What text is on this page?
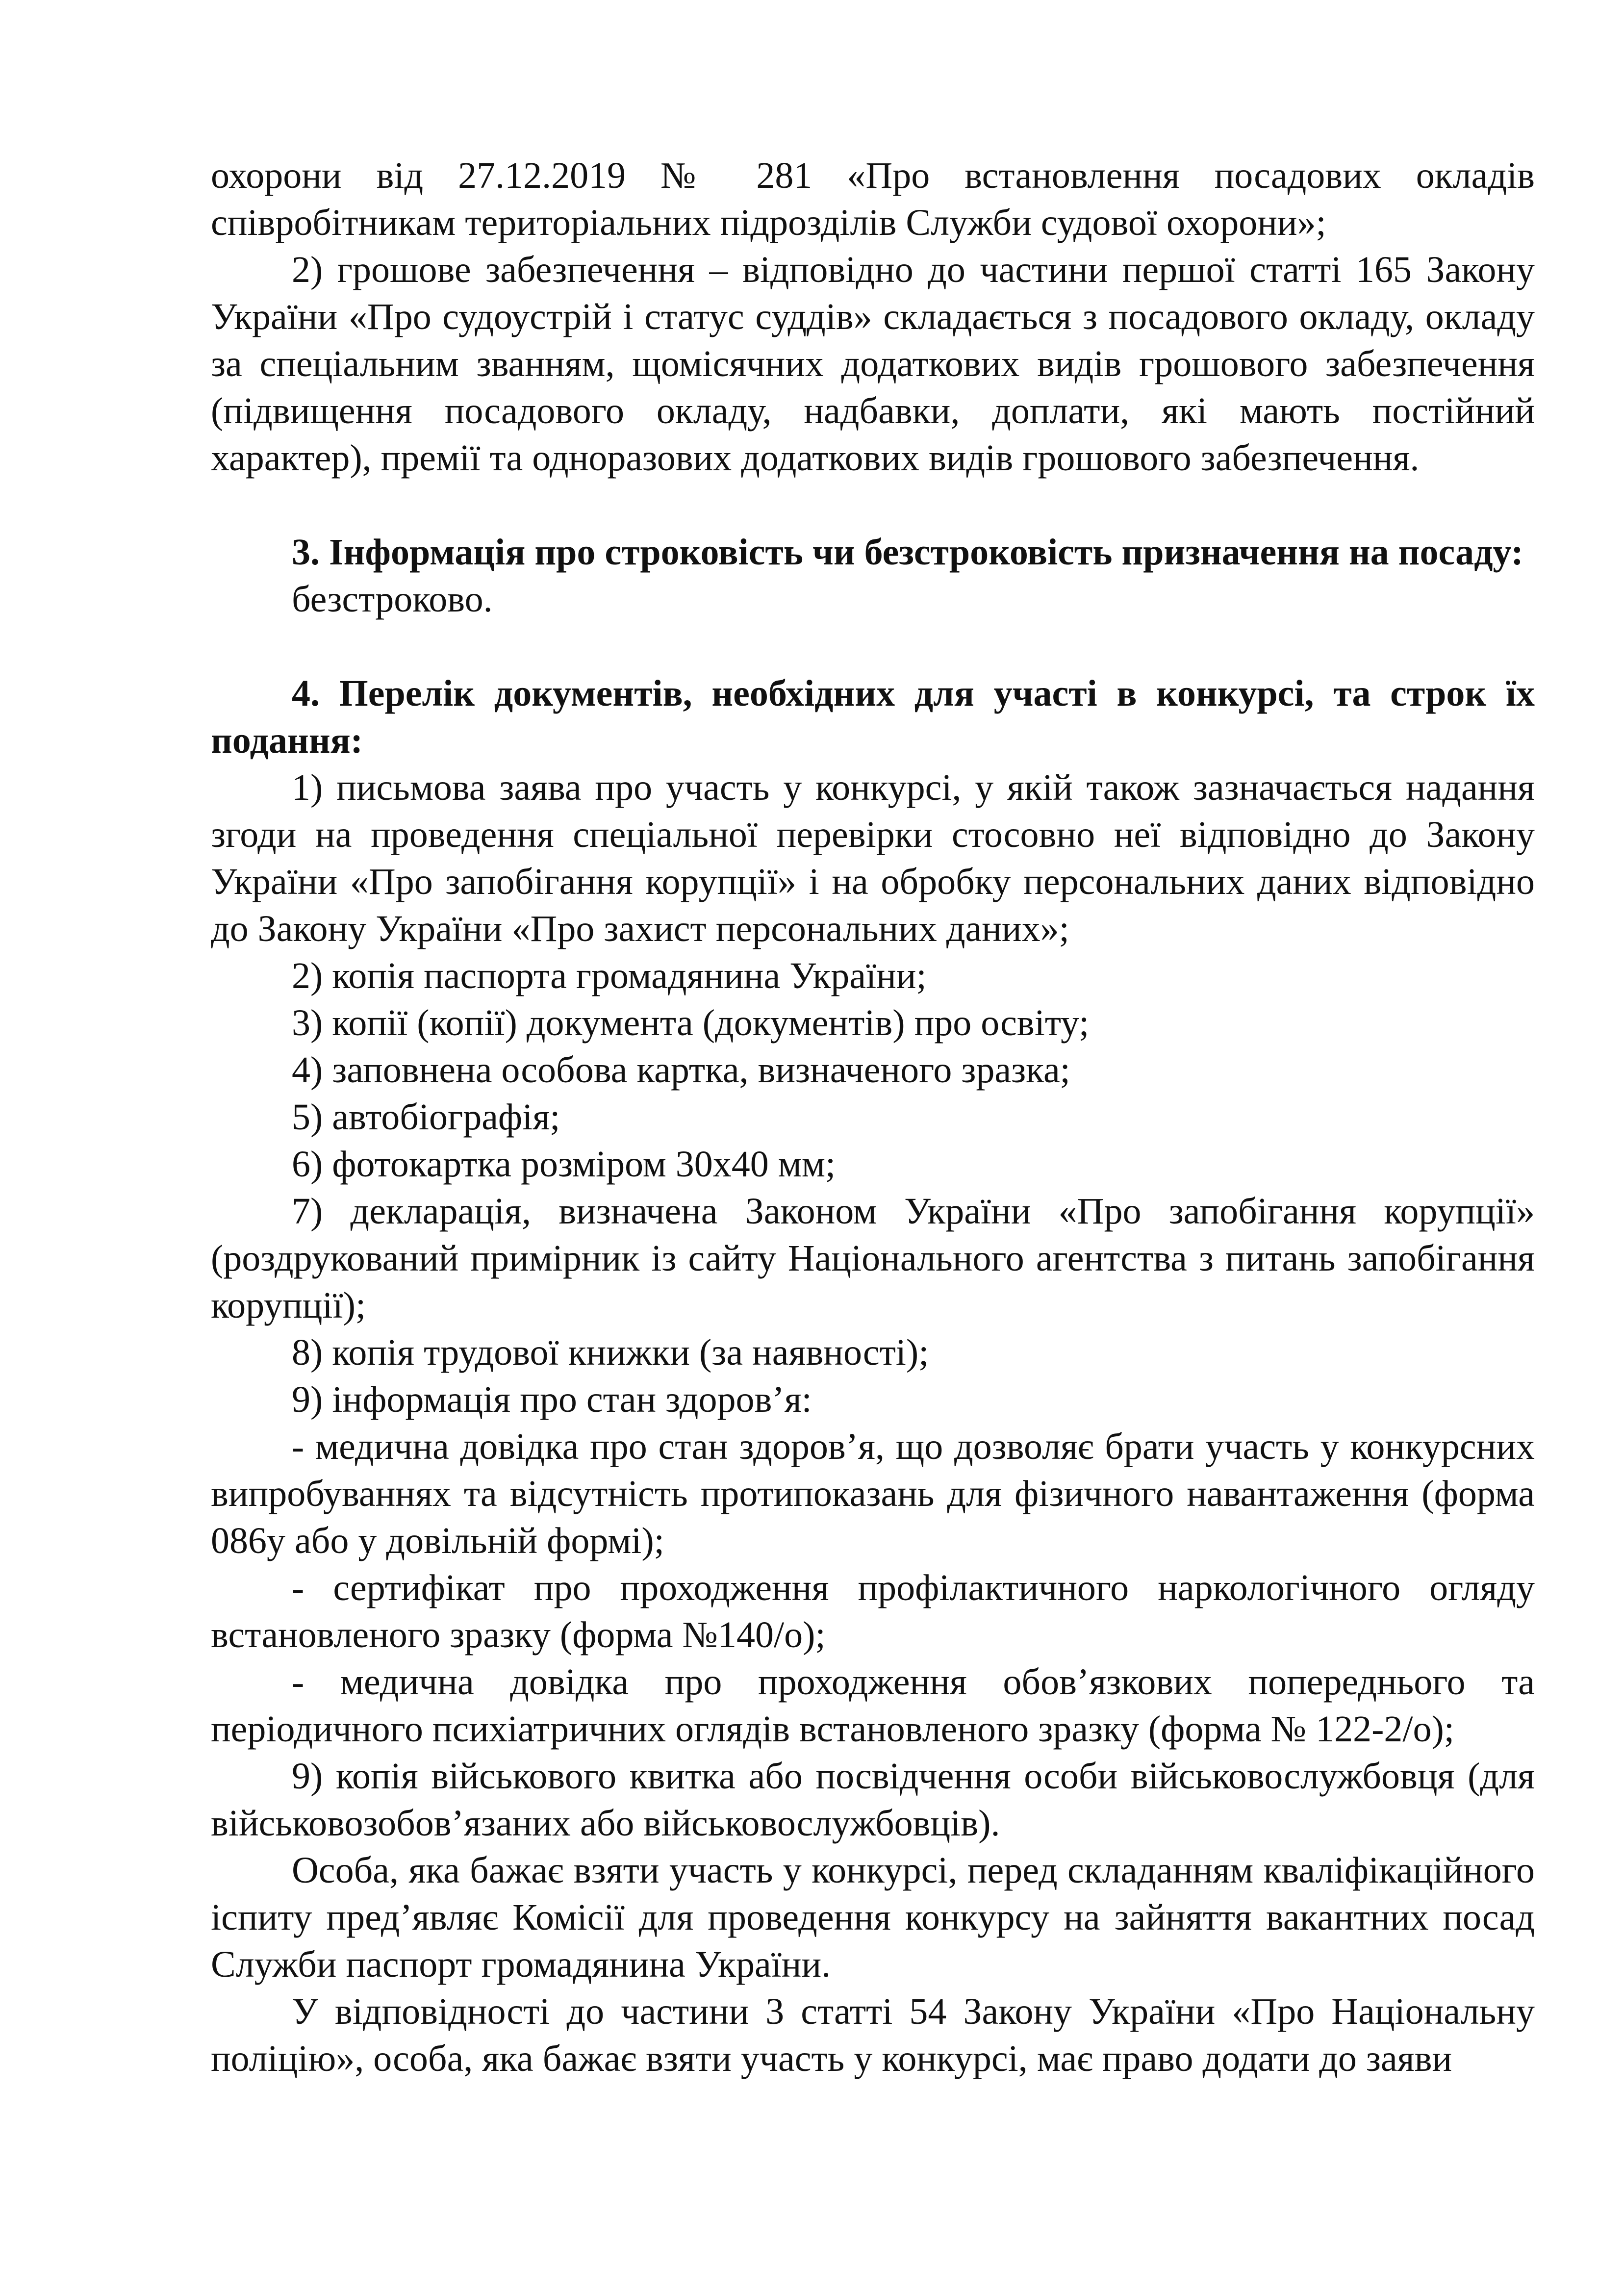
охорони від 27.12.2019 № 281 «Про встановлення посадових окладів співробітникам територіальних підрозділів Служби судової охорони»;

2) грошове забезпечення – відповідно до частини першої статті 165 Закону України «Про судоустрій і статус суддів» складається з посадового окладу, окладу за спеціальним званням, щомісячних додаткових видів грошового забезпечення (підвищення посадового окладу, надбавки, доплати, які мають постійний характер), премії та одноразових додаткових видів грошового забезпечення.

3. Інформація про строковість чи безстроковість призначення на посаду:

безстроково.

4. Перелік документів, необхідних для участі в конкурсі, та строк їх подання:

1) письмова заява про участь у конкурсі, у якій також зазначається надання згоди на проведення спеціальної перевірки стосовно неї відповідно до Закону України «Про запобігання корупції» і на обробку персональних даних відповідно до Закону України «Про захист персональних даних»;

2) копія паспорта громадянина України;

3) копії (копії) документа (документів) про освіту;

4) заповнена особова картка, визначеного зразка;

5) автобіографія;

6) фотокартка розміром 30х40 мм;

7) декларація, визначена Законом України «Про запобігання корупції» (роздрукований примірник із сайту Національного агентства з питань запобігання корупції);

8) копія трудової книжки (за наявності);

9) інформація про стан здоров’я:

- медична довідка про стан здоров’я, що дозволяє брати участь у конкурсних випробуваннях та відсутність протипоказань для фізичного навантаження (форма 086у або у довільній формі);

- сертифікат про проходження профілактичного наркологічного огляду встановленого зразку (форма №140/о);

- медична довідка про проходження обов’язкових попереднього та періодичного психіатричних оглядів встановленого зразку (форма № 122-2/о);

9) копія військового квитка або посвідчення особи військовослужбовця (для військовозобов’язаних або військовослужбовців).

Особа, яка бажає взяти участь у конкурсі, перед складанням кваліфікаційного іспиту пред’являє Комісії для проведення конкурсу на зайняття вакантних посад Служби паспорт громадянина України.

У відповідності до частини 3 статті 54 Закону України «Про Національну поліцію», особа, яка бажає взяти участь у конкурсі, має право додати до заяви
